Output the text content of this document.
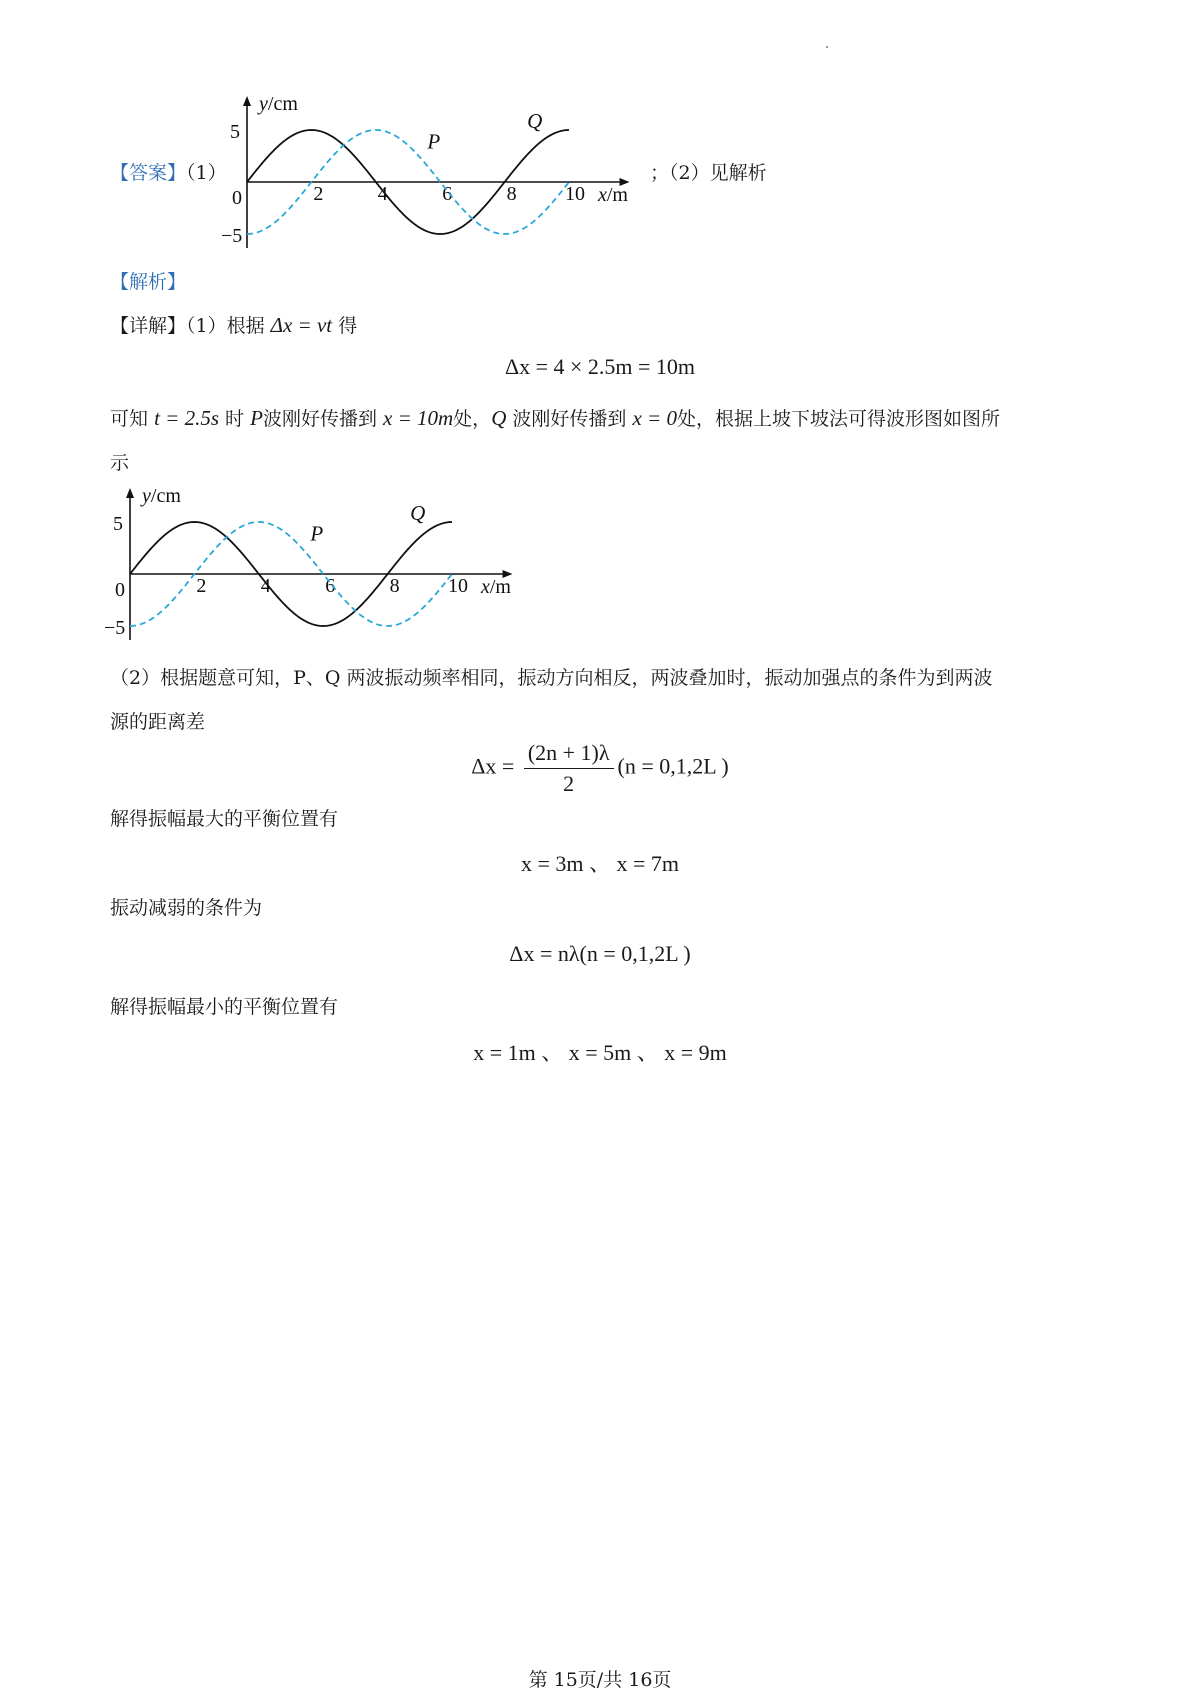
【答案】（1）
y/cm
x/m
0	2	4	6	8 10
5
−5
Q
P
；（2）见解析
【解析】
【详解】（1）根据 Δx = vt 得
Δx = 4 × 2.5m = 10m
可知 t = 2.5s 时 P波刚好传播到 x = 10m处，Q 波刚好传播到 x = 0处，根据上坡下坡法可得波形图如图所
示
y/cm
x/m
0	2	4	6	8 10
5
−5
Q
P
（2）根据题意可知，P、Q 两波振动频率相同，振动方向相反，两波叠加时，振动加强点的条件为到两波
源的距离差
$\Delta x = \frac{(2n + 1)\lambda}{2} (n = 0,1,2L$ )
解得振幅最大的平衡位置有
x = 3m 、 x = 7m
振动减弱的条件为
Δx = nλ(n = 0,1,2L )
解得振幅最小的平衡位置有
x = 1m 、 x = 5m 、 x = 9m
第 15页/共 16页
